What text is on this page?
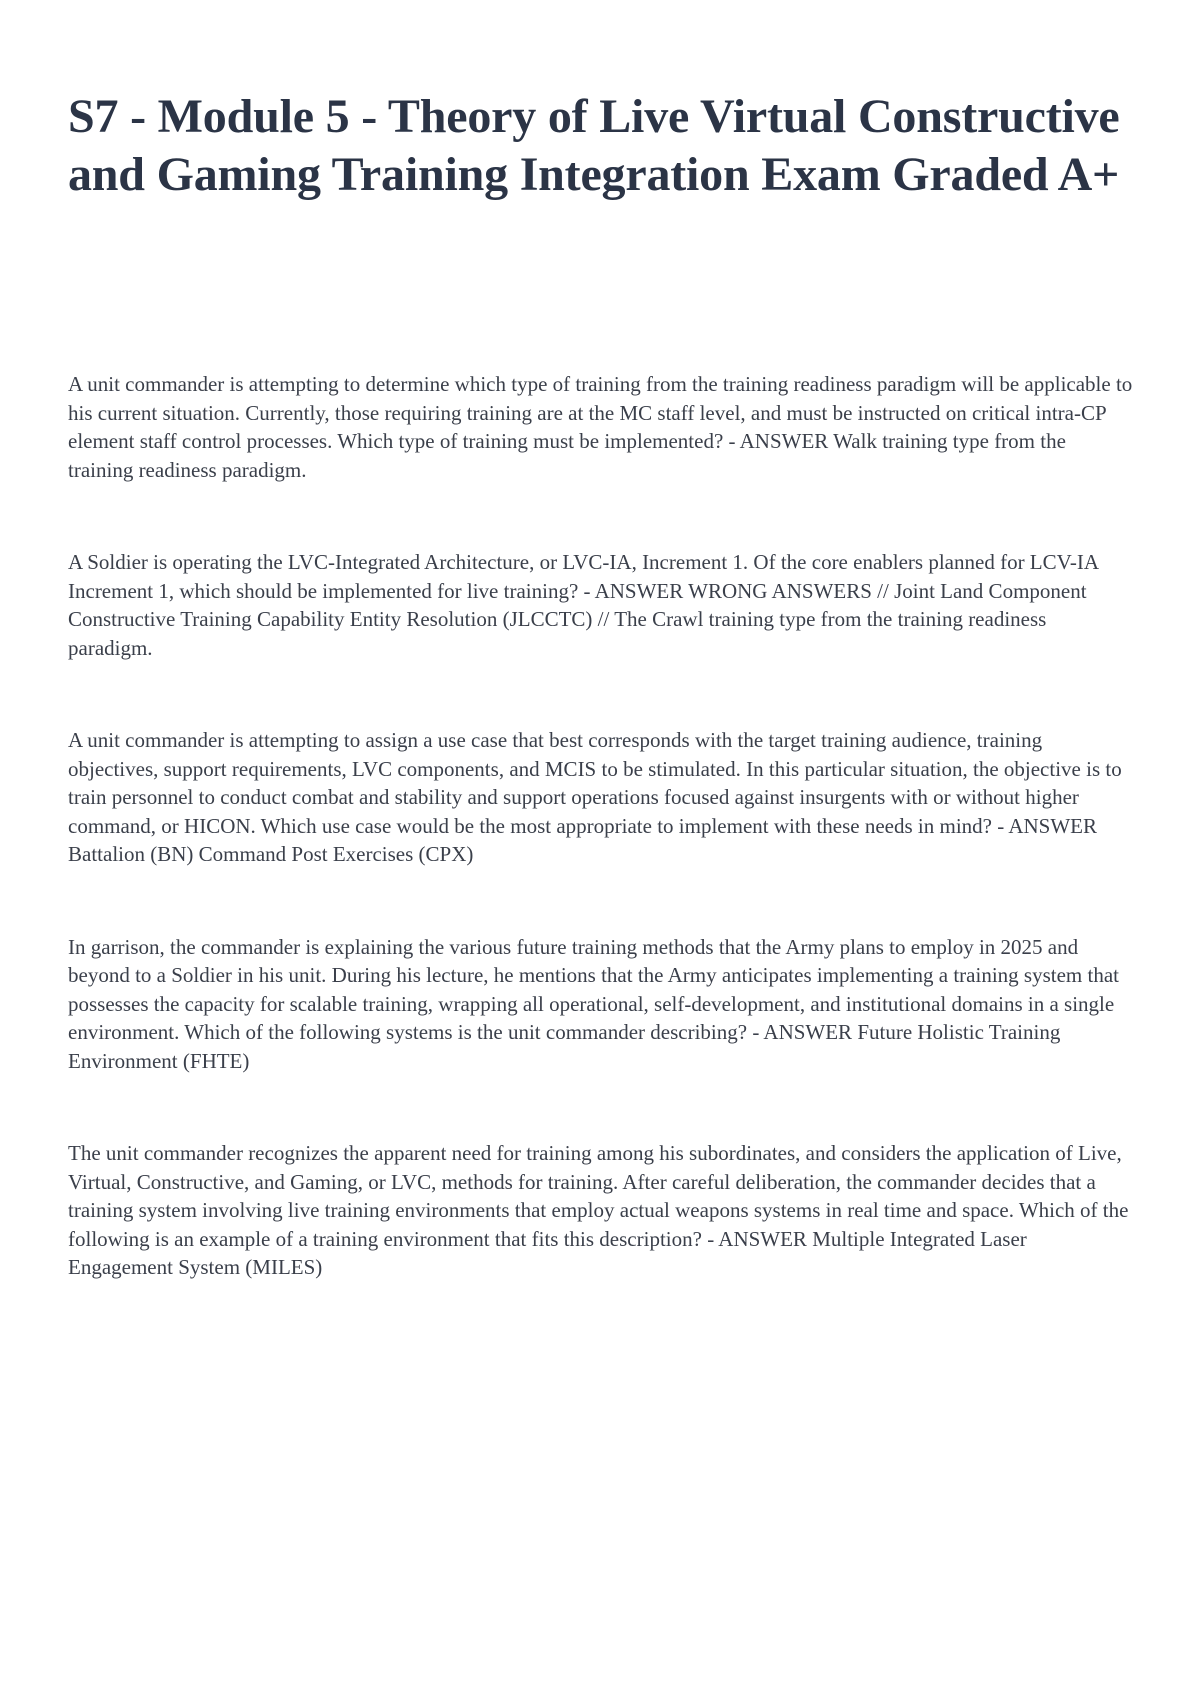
S7 - Module 5 - Theory of Live Virtual Constructive and Gaming Training Integration Exam Graded A+

A unit commander is attempting to determine which type of training from the training readiness paradigm will be applicable to his current situation. Currently, those requiring training are at the MC staff level, and must be instructed on critical intra-CP element staff control processes. Which type of training must be implemented? - ANSWER Walk training type from the training readiness paradigm.

A Soldier is operating the LVC-Integrated Architecture, or LVC-IA, Increment 1. Of the core enablers planned for LCV-IA Increment 1, which should be implemented for live training? - ANSWER WRONG ANSWERS // Joint Land Component Constructive Training Capability Entity Resolution (JLCCTC) // The Crawl training type from the training readiness paradigm.

A unit commander is attempting to assign a use case that best corresponds with the target training audience, training objectives, support requirements, LVC components, and MCIS to be stimulated. In this particular situation, the objective is to train personnel to conduct combat and stability and support operations focused against insurgents with or without higher command, or HICON. Which use case would be the most appropriate to implement with these needs in mind? - ANSWER Battalion (BN) Command Post Exercises (CPX)

In garrison, the commander is explaining the various future training methods that the Army plans to employ in 2025 and beyond to a Soldier in his unit. During his lecture, he mentions that the Army anticipates implementing a training system that possesses the capacity for scalable training, wrapping all operational, self-development, and institutional domains in a single environment. Which of the following systems is the unit commander describing? - ANSWER Future Holistic Training Environment (FHTE)

The unit commander recognizes the apparent need for training among his subordinates, and considers the application of Live, Virtual, Constructive, and Gaming, or LVC, methods for training. After careful deliberation, the commander decides that a training system involving live training environments that employ actual weapons systems in real time and space. Which of the following is an example of a training environment that fits this description? - ANSWER Multiple Integrated Laser Engagement System (MILES)
